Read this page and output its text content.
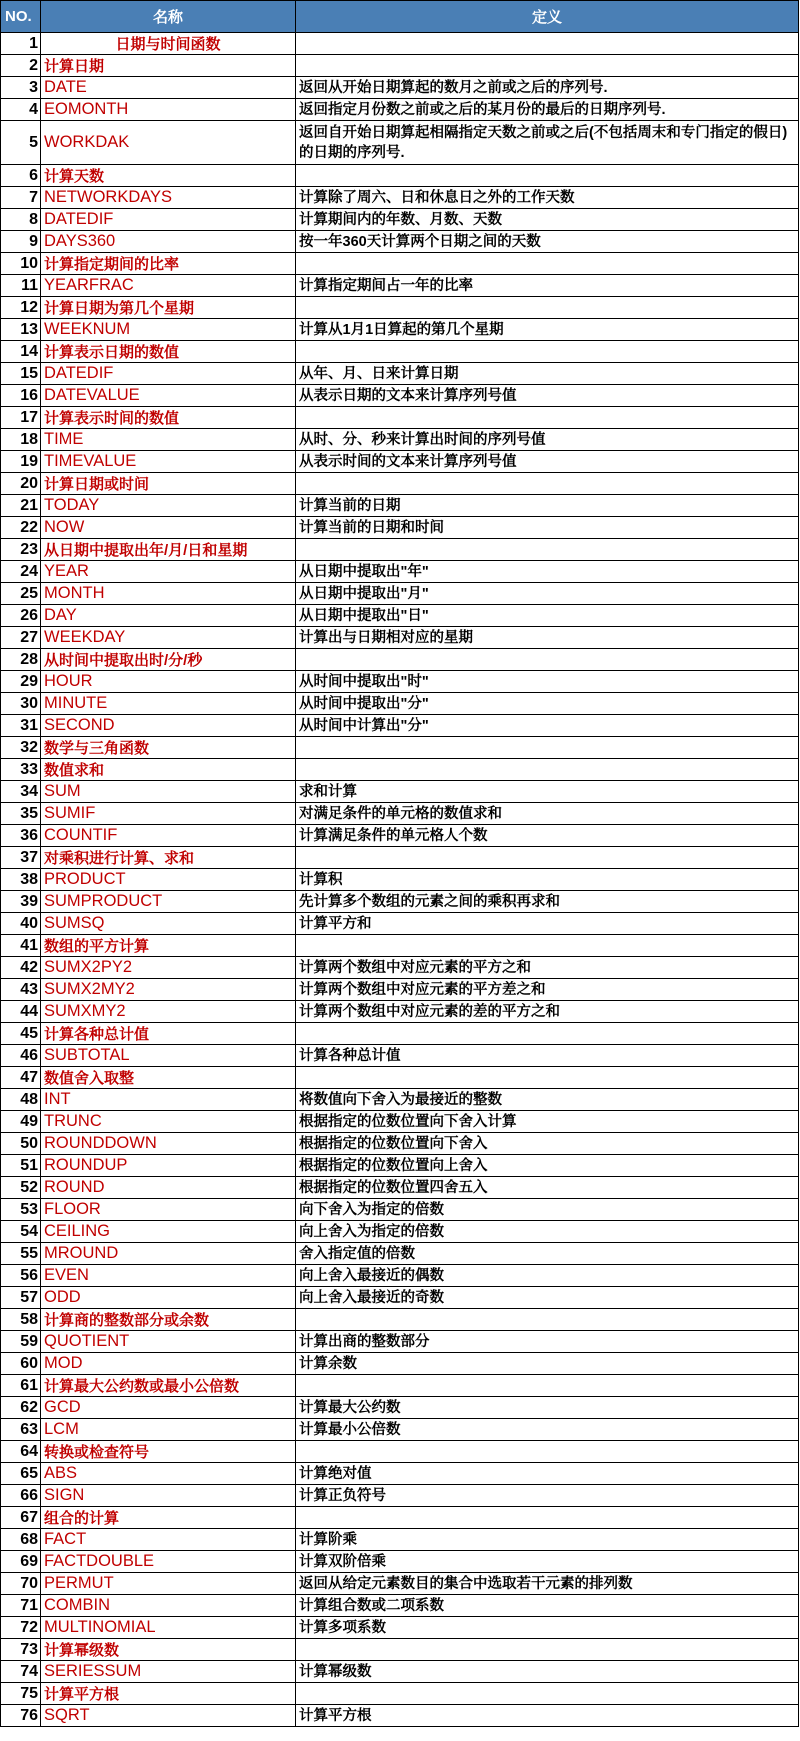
NO.	名称	定义
1	日期与时间函数	
2	计算日期	
3	DATE	返回从开始日期算起的数月之前或之后的序列号.
4	EOMONTH	返回指定月份数之前或之后的某月份的最后的日期序列号.
5	WORKDAK	返回自开始日期算起相隔指定天数之前或之后(不包括周末和专门指定的假日)的日期的序列号.
6	计算天数	
7	NETWORKDAYS	计算除了周六、日和休息日之外的工作天数
8	DATEDIF	计算期间内的年数、月数、天数
9	DAYS360	按一年360天计算两个日期之间的天数
10	计算指定期间的比率	
11	YEARFRAC	计算指定期间占一年的比率
12	计算日期为第几个星期	
13	WEEKNUM	计算从1月1日算起的第几个星期
14	计算表示日期的数值	
15	DATEDIF	从年、月、日来计算日期
16	DATEVALUE	从表示日期的文本来计算序列号值
17	计算表示时间的数值	
18	TIME	从时、分、秒来计算出时间的序列号值
19	TIMEVALUE	从表示时间的文本来计算序列号值
20	计算日期或时间	
21	TODAY	计算当前的日期
22	NOW	计算当前的日期和时间
23	从日期中提取出年/月/日和星期	
24	YEAR	从日期中提取出"年"
25	MONTH	从日期中提取出"月"
26	DAY	从日期中提取出"日"
27	WEEKDAY	计算出与日期相对应的星期
28	从时间中提取出时/分/秒	
29	HOUR	从时间中提取出"时"
30	MINUTE	从时间中提取出"分"
31	SECOND	从时间中计算出"分"
32	数学与三角函数	
33	数值求和	
34	SUM	求和计算
35	SUMIF	对满足条件的单元格的数值求和
36	COUNTIF	计算满足条件的单元格人个数
37	对乘积进行计算、求和	
38	PRODUCT	计算积
39	SUMPRODUCT	先计算多个数组的元素之间的乘积再求和
40	SUMSQ	计算平方和
41	数组的平方计算	
42	SUMX2PY2	计算两个数组中对应元素的平方之和
43	SUMX2MY2	计算两个数组中对应元素的平方差之和
44	SUMXMY2	计算两个数组中对应元素的差的平方之和
45	计算各种总计值	
46	SUBTOTAL	计算各种总计值
47	数值舍入取整	
48	INT	将数值向下舍入为最接近的整数
49	TRUNC	根据指定的位数位置向下舍入计算
50	ROUNDDOWN	根据指定的位数位置向下舍入
51	ROUNDUP	根据指定的位数位置向上舍入
52	ROUND	根据指定的位数位置四舍五入
53	FLOOR	向下舍入为指定的倍数
54	CEILING	向上舍入为指定的倍数
55	MROUND	舍入指定值的倍数
56	EVEN	向上舍入最接近的偶数
57	ODD	向上舍入最接近的奇数
58	计算商的整数部分或余数	
59	QUOTIENT	计算出商的整数部分
60	MOD	计算余数
61	计算最大公约数或最小公倍数	
62	GCD	计算最大公约数
63	LCM	计算最小公倍数
64	转换或检查符号	
65	ABS	计算绝对值
66	SIGN	计算正负符号
67	组合的计算	
68	FACT	计算阶乘
69	FACTDOUBLE	计算双阶倍乘
70	PERMUT	返回从给定元素数目的集合中选取若干元素的排列数
71	COMBIN	计算组合数或二项系数
72	MULTINOMIAL	计算多项系数
73	计算幂级数	
74	SERIESSUM	计算幂级数
75	计算平方根	
76	SQRT	计算平方根
